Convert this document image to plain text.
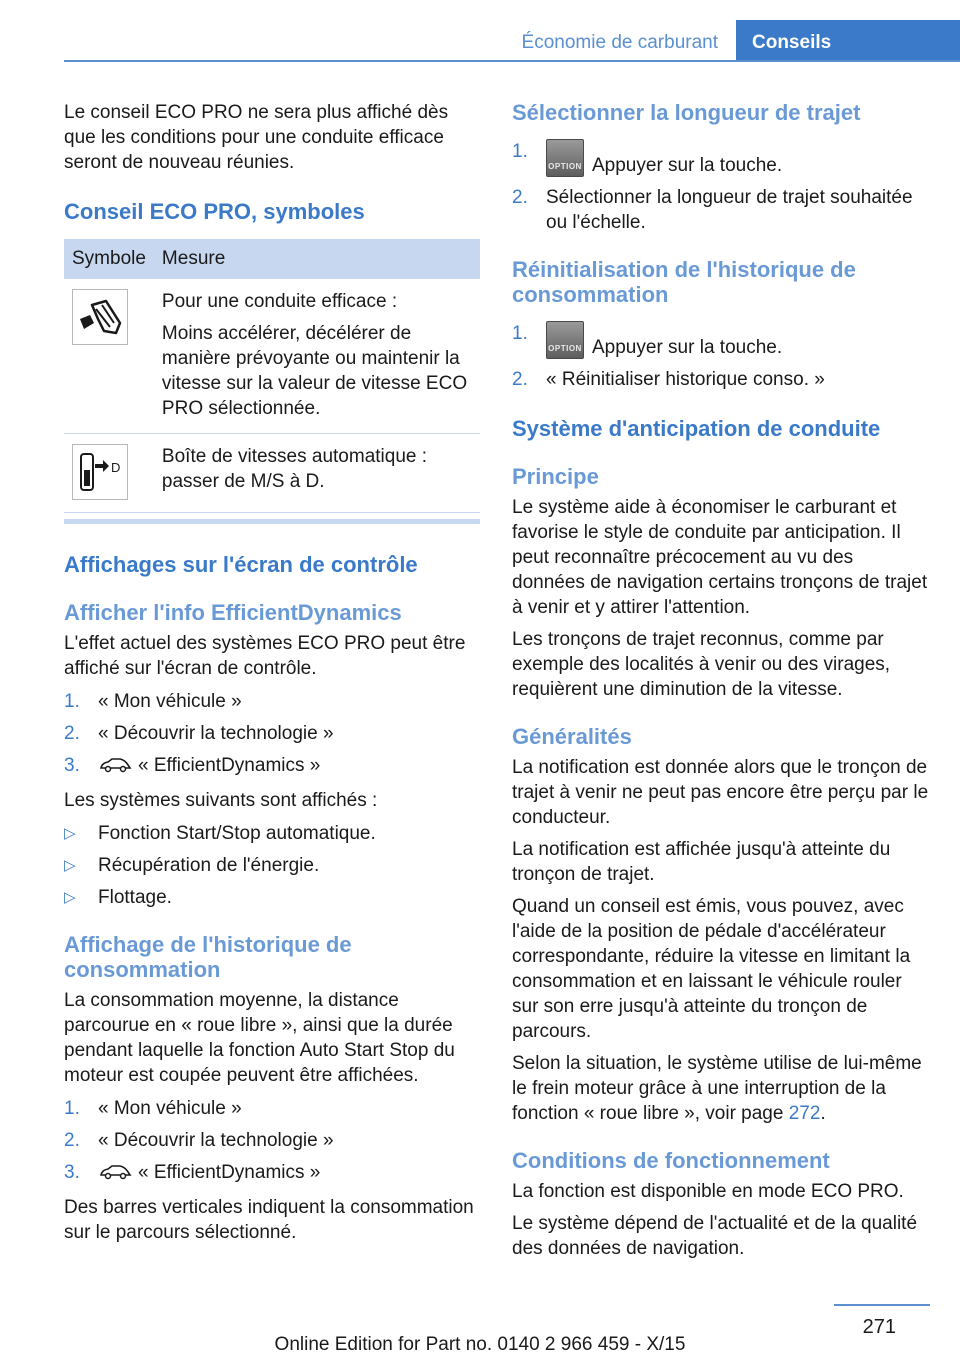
Économie de carburant	Conseils

Le conseil ECO PRO ne sera plus affiché dès que les conditions pour une conduite efficace seront de nouveau réunies.

Conseil ECO PRO, symboles
Symbole	Mesure

Pour une conduite efficace :

Moins accélérer, décélérer de manière prévoyante ou maintenir la vitesse sur la valeur de vitesse ECO PRO sélectionnée.

D	Boîte de vitesses automatique : passer de M/S à D.

Affichages sur l'écran de contrôle
Afficher l'info EfficientDynamics

L'effet actuel des systèmes ECO PRO peut être affiché sur l'écran de contrôle.

1. « Mon véhicule »
2. « Découvrir la technologie »
3.	« EfficientDynamics »

Les systèmes suivants sont affichés :

▷ Fonction Start/Stop automatique.
▷ Récupération de l'énergie.
▷ Flottage.
Affichage de l'historique de consommation

La consommation moyenne, la distance parcourue en « roue libre », ainsi que la durée pendant laquelle la fonction Auto Start Stop du moteur est coupée peuvent être affichées.

1. « Mon véhicule »
2. « Découvrir la technologie »
3.	« EfficientDynamics »

Des barres verticales indiquent la consommation sur le parcours sélectionné.

Sélectionner la longueur de trajet
1.
OPTION Appuyer sur la touche.
2. Sélectionner la longueur de trajet souhaitée ou l'échelle.
Réinitialisation de l'historique de consommation
1.
OPTION Appuyer sur la touche.
2. « Réinitialiser historique conso. »
Système d'anticipation de conduite
Principe

Le système aide à économiser le carburant et favorise le style de conduite par anticipation. Il peut reconnaître précocement au vu des données de navigation certains tronçons de trajet à venir et y attirer l'attention.

Les tronçons de trajet reconnus, comme par exemple des localités à venir ou des virages, requièrent une diminution de la vitesse.

Généralités

La notification est donnée alors que le tronçon de trajet à venir ne peut pas encore être perçu par le conducteur.

La notification est affichée jusqu'à atteinte du tronçon de trajet.

Quand un conseil est émis, vous pouvez, avec l'aide de la position de pédale d'accélérateur correspondante, réduire la vitesse en limitant la consommation et en laissant le véhicule rouler sur son erre jusqu'à atteinte du tronçon de parcours.

Selon la situation, le système utilise de lui-même le frein moteur grâce à une interruption de la fonction « roue libre », voir page 272.

Conditions de fonctionnement

La fonction est disponible en mode ECO PRO.

Le système dépend de l'actualité et de la qualité des données de navigation.

271
Online Edition for Part no. 0140 2 966 459 - X/15
